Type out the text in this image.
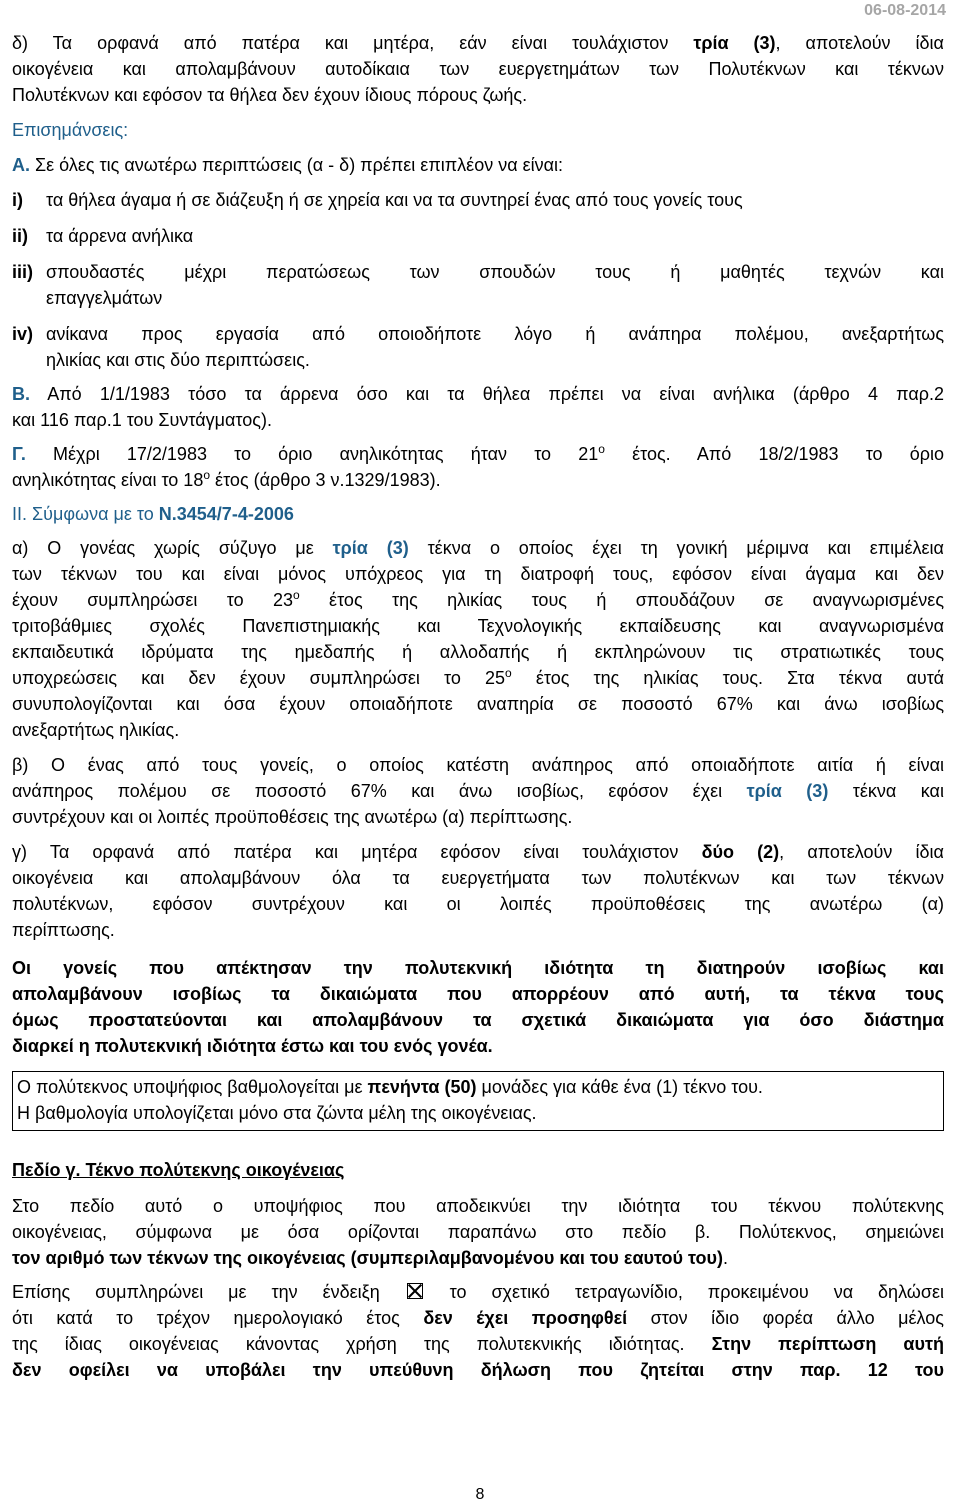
06-08-2014

δ) Τα ορφανά από πατέρα και μητέρα, εάν είναι τουλάχιστον τρία (3), αποτελούν ίδια

οικογένεια και απολαμβάνουν αυτοδίκαια των ευεργετημάτων των Πολυτέκνων και τέκνων

Πολυτέκνων και εφόσον τα θήλεα δεν έχουν ίδιους πόρους ζωής.

Επισημάνσεις:

Α. Σε όλες τις ανωτέρω περιπτώσεις (α - δ) πρέπει επιπλέον να είναι:

i)	τα θήλεα άγαμα ή σε διάζευξη ή σε χηρεία και να τα συντηρεί ένας από τους γονείς τους
ii)	τα άρρενα ανήλικα
iii) σπουδαστές μέχρι περατώσεως των σπουδών τους ή μαθητές τεχνών και

επαγγελμάτων

iv) ανίκανα προς εργασία από οποιοδήποτε λόγο ή ανάπηρα πολέμου, ανεξαρτήτως

ηλικίας και στις δύο περιπτώσεις.

Β. Από 1/1/1983 τόσο τα άρρενα όσο και τα θήλεα πρέπει να είναι ανήλικα (άρθρο 4 παρ.2

και 116 παρ.1 του Συντάγματος).

Γ. Μέχρι 17/2/1983 το όριο ανηλικότητας ήταν το $21^o$ έτος. Από 18/2/1983 το όριο

ανηλικότητας είναι το $18^o$ έτος (άρθρο 3 ν.1329/1983).

ΙΙ. Σύμφωνα με το Ν.3454/7-4-2006

α) Ο γονέας χωρίς σύζυγο με τρία (3) τέκνα ο οποίος έχει τη γονική μέριμνα και επιμέλεια

των τέκνων του και είναι μόνος υπόχρεος για τη διατροφή τους, εφόσον είναι άγαμα και δεν

έχουν συμπληρώσει το $23^o$ έτος της ηλικίας τους ή σπουδάζουν σε αναγνωρισμένες

τριτοβάθμιες σχολές Πανεπιστημιακής και Τεχνολογικής εκπαίδευσης και αναγνωρισμένα

εκπαιδευτικά ιδρύματα της ημεδαπής ή αλλοδαπής ή εκπληρώνουν τις στρατιωτικές τους

υποχρεώσεις και δεν έχουν συμπληρώσει το $25^o$ έτος της ηλικίας τους. Στα τέκνα αυτά

συνυπολογίζονται και όσα έχουν οποιαδήποτε αναπηρία σε ποσοστό 67% και άνω ισοβίως

ανεξαρτήτως ηλικίας.

β) Ο ένας από τους γονείς, ο οποίος κατέστη ανάπηρος από οποιαδήποτε αιτία ή είναι

ανάπηρος πολέμου σε ποσοστό 67% και άνω ισοβίως, εφόσον έχει τρία (3) τέκνα και

συντρέχουν και οι λοιπές προϋποθέσεις της ανωτέρω (α) περίπτωσης.

γ) Τα ορφανά από πατέρα και μητέρα εφόσον είναι τουλάχιστον δύο (2), αποτελούν ίδια

οικογένεια και απολαμβάνουν όλα τα ευεργετήματα των πολυτέκνων και των τέκνων

πολυτέκνων, εφόσον συντρέχουν και οι λοιπές προϋποθέσεις της ανωτέρω (α)

περίπτωσης.

Οι γονείς που απέκτησαν την πολυτεκνική ιδιότητα τη διατηρούν ισοβίως και

απολαμβάνουν ισοβίως τα δικαιώματα που απορρέουν από αυτή, τα τέκνα τους

όμως προστατεύονται και απολαμβάνουν τα σχετικά δικαιώματα για όσο διάστημα

διαρκεί η πολυτεκνική ιδιότητα έστω και του ενός γονέα.

Ο πολύτεκνος υποψήφιος βαθμολογείται με πενήντα (50) μονάδες για κάθε ένα (1) τέκνο του.

Η βαθμολογία υπολογίζεται μόνο στα ζώντα μέλη της οικογένειας.

Πεδίο γ. Τέκνο πολύτεκνης οικογένειας

Στο πεδίο αυτό ο υποψήφιος που αποδεικνύει την ιδιότητα του τέκνου πολύτεκνης

οικογένειας, σύμφωνα με όσα ορίζονται παραπάνω στο πεδίο β. Πολύτεκνος, σημειώνει

τον αριθμό των τέκνων της οικογένειας (συμπεριλαμβανομένου και του εαυτού του).

Επίσης συμπληρώνει με την ένδειξη	το σχετικό τετραγωνίδιο, προκειμένου να δηλώσει

ότι κατά το τρέχον ημερολογιακό έτος δεν έχει προσηφθεί στον ίδιο φορέα άλλο μέλος

της ίδιας οικογένειας κάνοντας χρήση της πολυτεκνικής ιδιότητας. Στην περίπτωση αυτή

δεν οφείλει να υποβάλει την υπεύθυνη δήλωση που ζητείται στην παρ. 12 του

8
